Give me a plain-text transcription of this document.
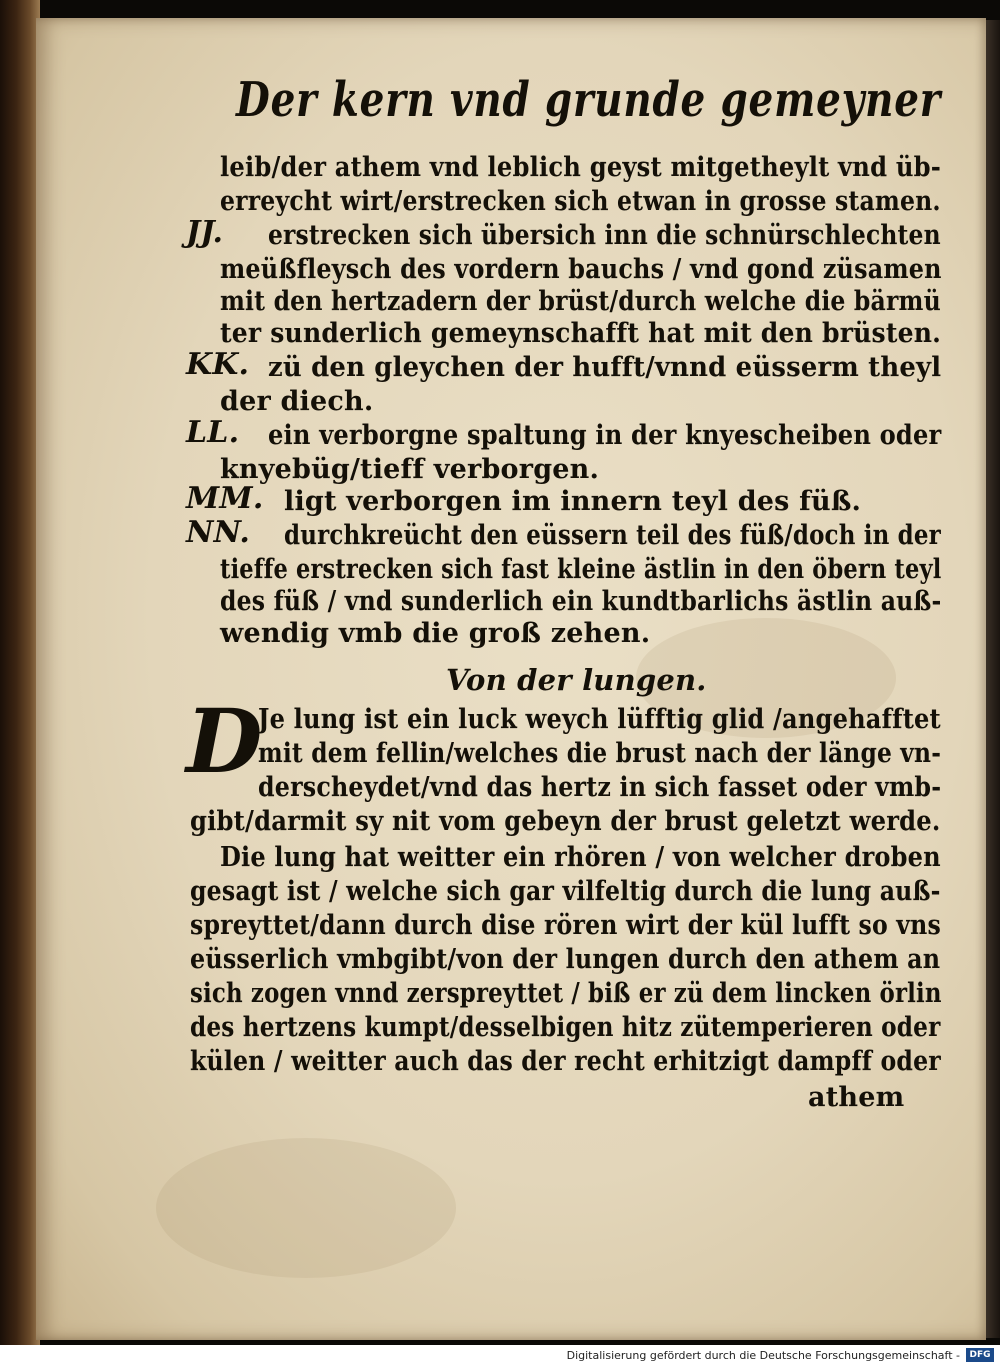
Der kern vnd grunde gemeyner
leib/der athem vnd leblich geyst mitgetheylt vnd üb-
erreycht wirt/erstrecken sich etwan in grosse stamen.
JJ. erstrecken sich übersich inn die schnürschlechten
meüßfleysch des vordern bauchs / vnd gond züsamen
mit den hertzadern der brüst/durch welche die bärmü
ter sunderlich gemeynschafft hat mit den brüsten.
KK. zü den gleychen der hufft/vnnd eüsserm theyl
der diech.
LL. ein verborgne spaltung in der knyescheiben oder
knyebüg/tieff verborgen.
MM. ligt verborgen im innern teyl des füß.
NN. durchkreücht den eüssern teil des füß/doch in der
tieffe erstrecken sich fast kleine ästlin in den öbern teyl
des füß / vnd sunderlich ein kundtbarlichs ästlin auß-
wendig vmb die groß zehen.
Von der lungen.
D
Je lung ist ein luck weych lüfftig glid /angehafftet
mit dem fellin/welches die brust nach der länge vn-
derscheydet/vnd das hertz in sich fasset oder vmb-
gibt/darmit sy nit vom gebeyn der brust geletzt werde.
Die lung hat weitter ein rhören / von welcher droben
gesagt ist / welche sich gar vilfeltig durch die lung auß-
spreyttet/dann durch dise rören wirt der kül lufft so vns
eüsserlich vmbgibt/von der lungen durch den athem an
sich zogen vnnd zerspreyttet / biß er zü dem lincken örlin
des hertzens kumpt/desselbigen hitz zütemperieren oder
külen / weitter auch das der recht erhitzigt dampff oder
athem
Digitalisierung gefördert durch die Deutsche Forschungsgemeinschaft -	DFG
